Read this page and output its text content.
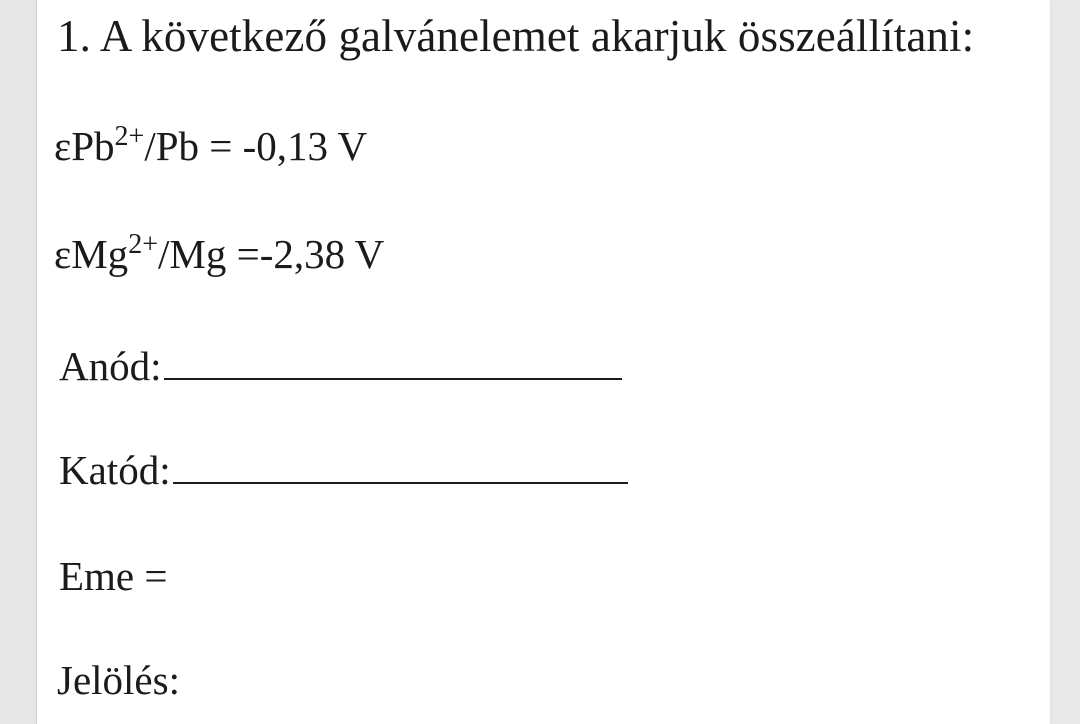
1. A következő galvánelemet akarjuk összeállítani:
εPb$^{2+}$/Pb = -0,13 V
εMg$^{2+}$/Mg =-2,38 V
Anód:
Katód:
Eme =
Jelölés:
